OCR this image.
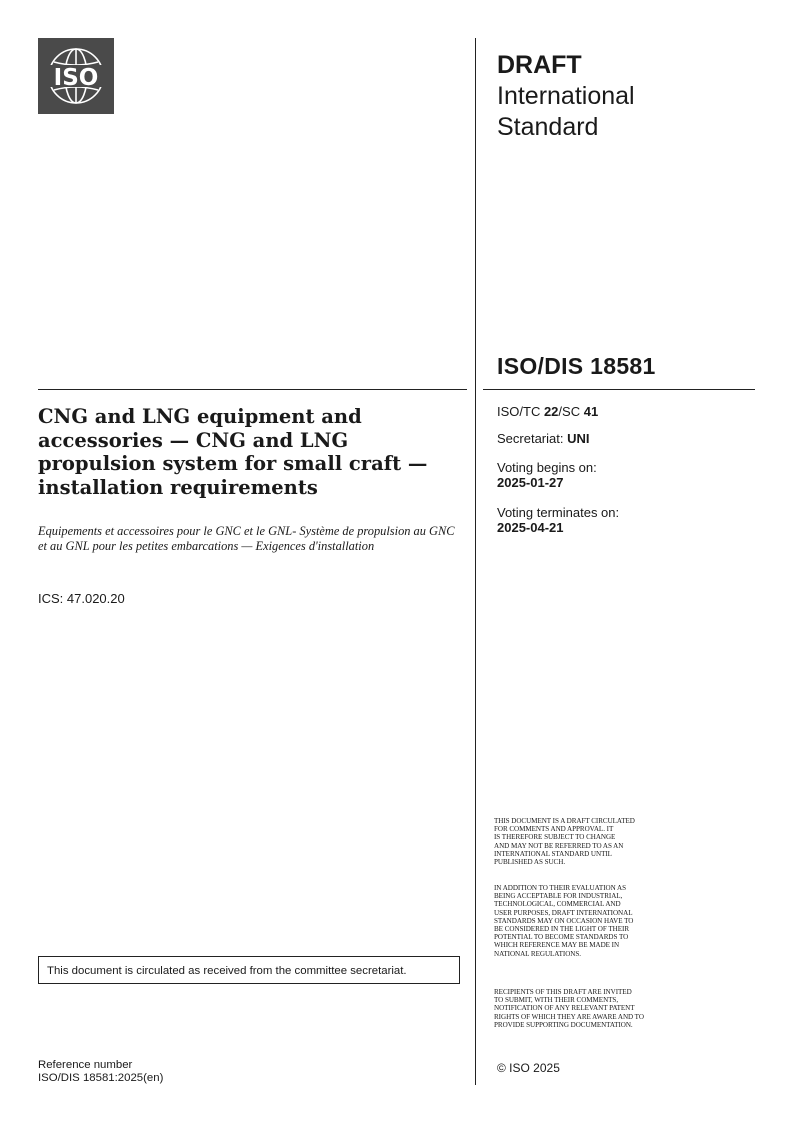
ISO	DRAFT
International
Standard
ISO/DIS 18581
CNG and LNG equipment and accessories — CNG and LNG propulsion system for small craft — installation requirements
Equipements et accessoires pour le GNC et le GNL- Système de propulsion au GNC et au GNL pour les petites embarcations — Exigences d'installation
ICS: 47.020.20
ISO/TC 22/SC 41
Secretariat: UNI
Voting begins on:
2025-01-27
Voting terminates on:
2025-04-21
THIS DOCUMENT IS A DRAFT CIRCULATED
FOR COMMENTS AND APPROVAL. IT
IS THEREFORE SUBJECT TO CHANGE
AND MAY NOT BE REFERRED TO AS AN
INTERNATIONAL STANDARD UNTIL
PUBLISHED AS SUCH.
IN ADDITION TO THEIR EVALUATION AS
BEING ACCEPTABLE FOR INDUSTRIAL,
TECHNOLOGICAL, COMMERCIAL AND
USER PURPOSES, DRAFT INTERNATIONAL
STANDARDS MAY ON OCCASION HAVE TO
BE CONSIDERED IN THE LIGHT OF THEIR
POTENTIAL TO BECOME STANDARDS TO
WHICH REFERENCE MAY BE MADE IN
NATIONAL REGULATIONS.
RECIPIENTS OF THIS DRAFT ARE INVITED
TO SUBMIT, WITH THEIR COMMENTS,
NOTIFICATION OF ANY RELEVANT PATENT
RIGHTS OF WHICH THEY ARE AWARE AND TO
PROVIDE SUPPORTING DOCUMENTATION.
This document is circulated as received from the committee secretariat.
Reference number
ISO/DIS 18581:2025(en)
© ISO 2025
